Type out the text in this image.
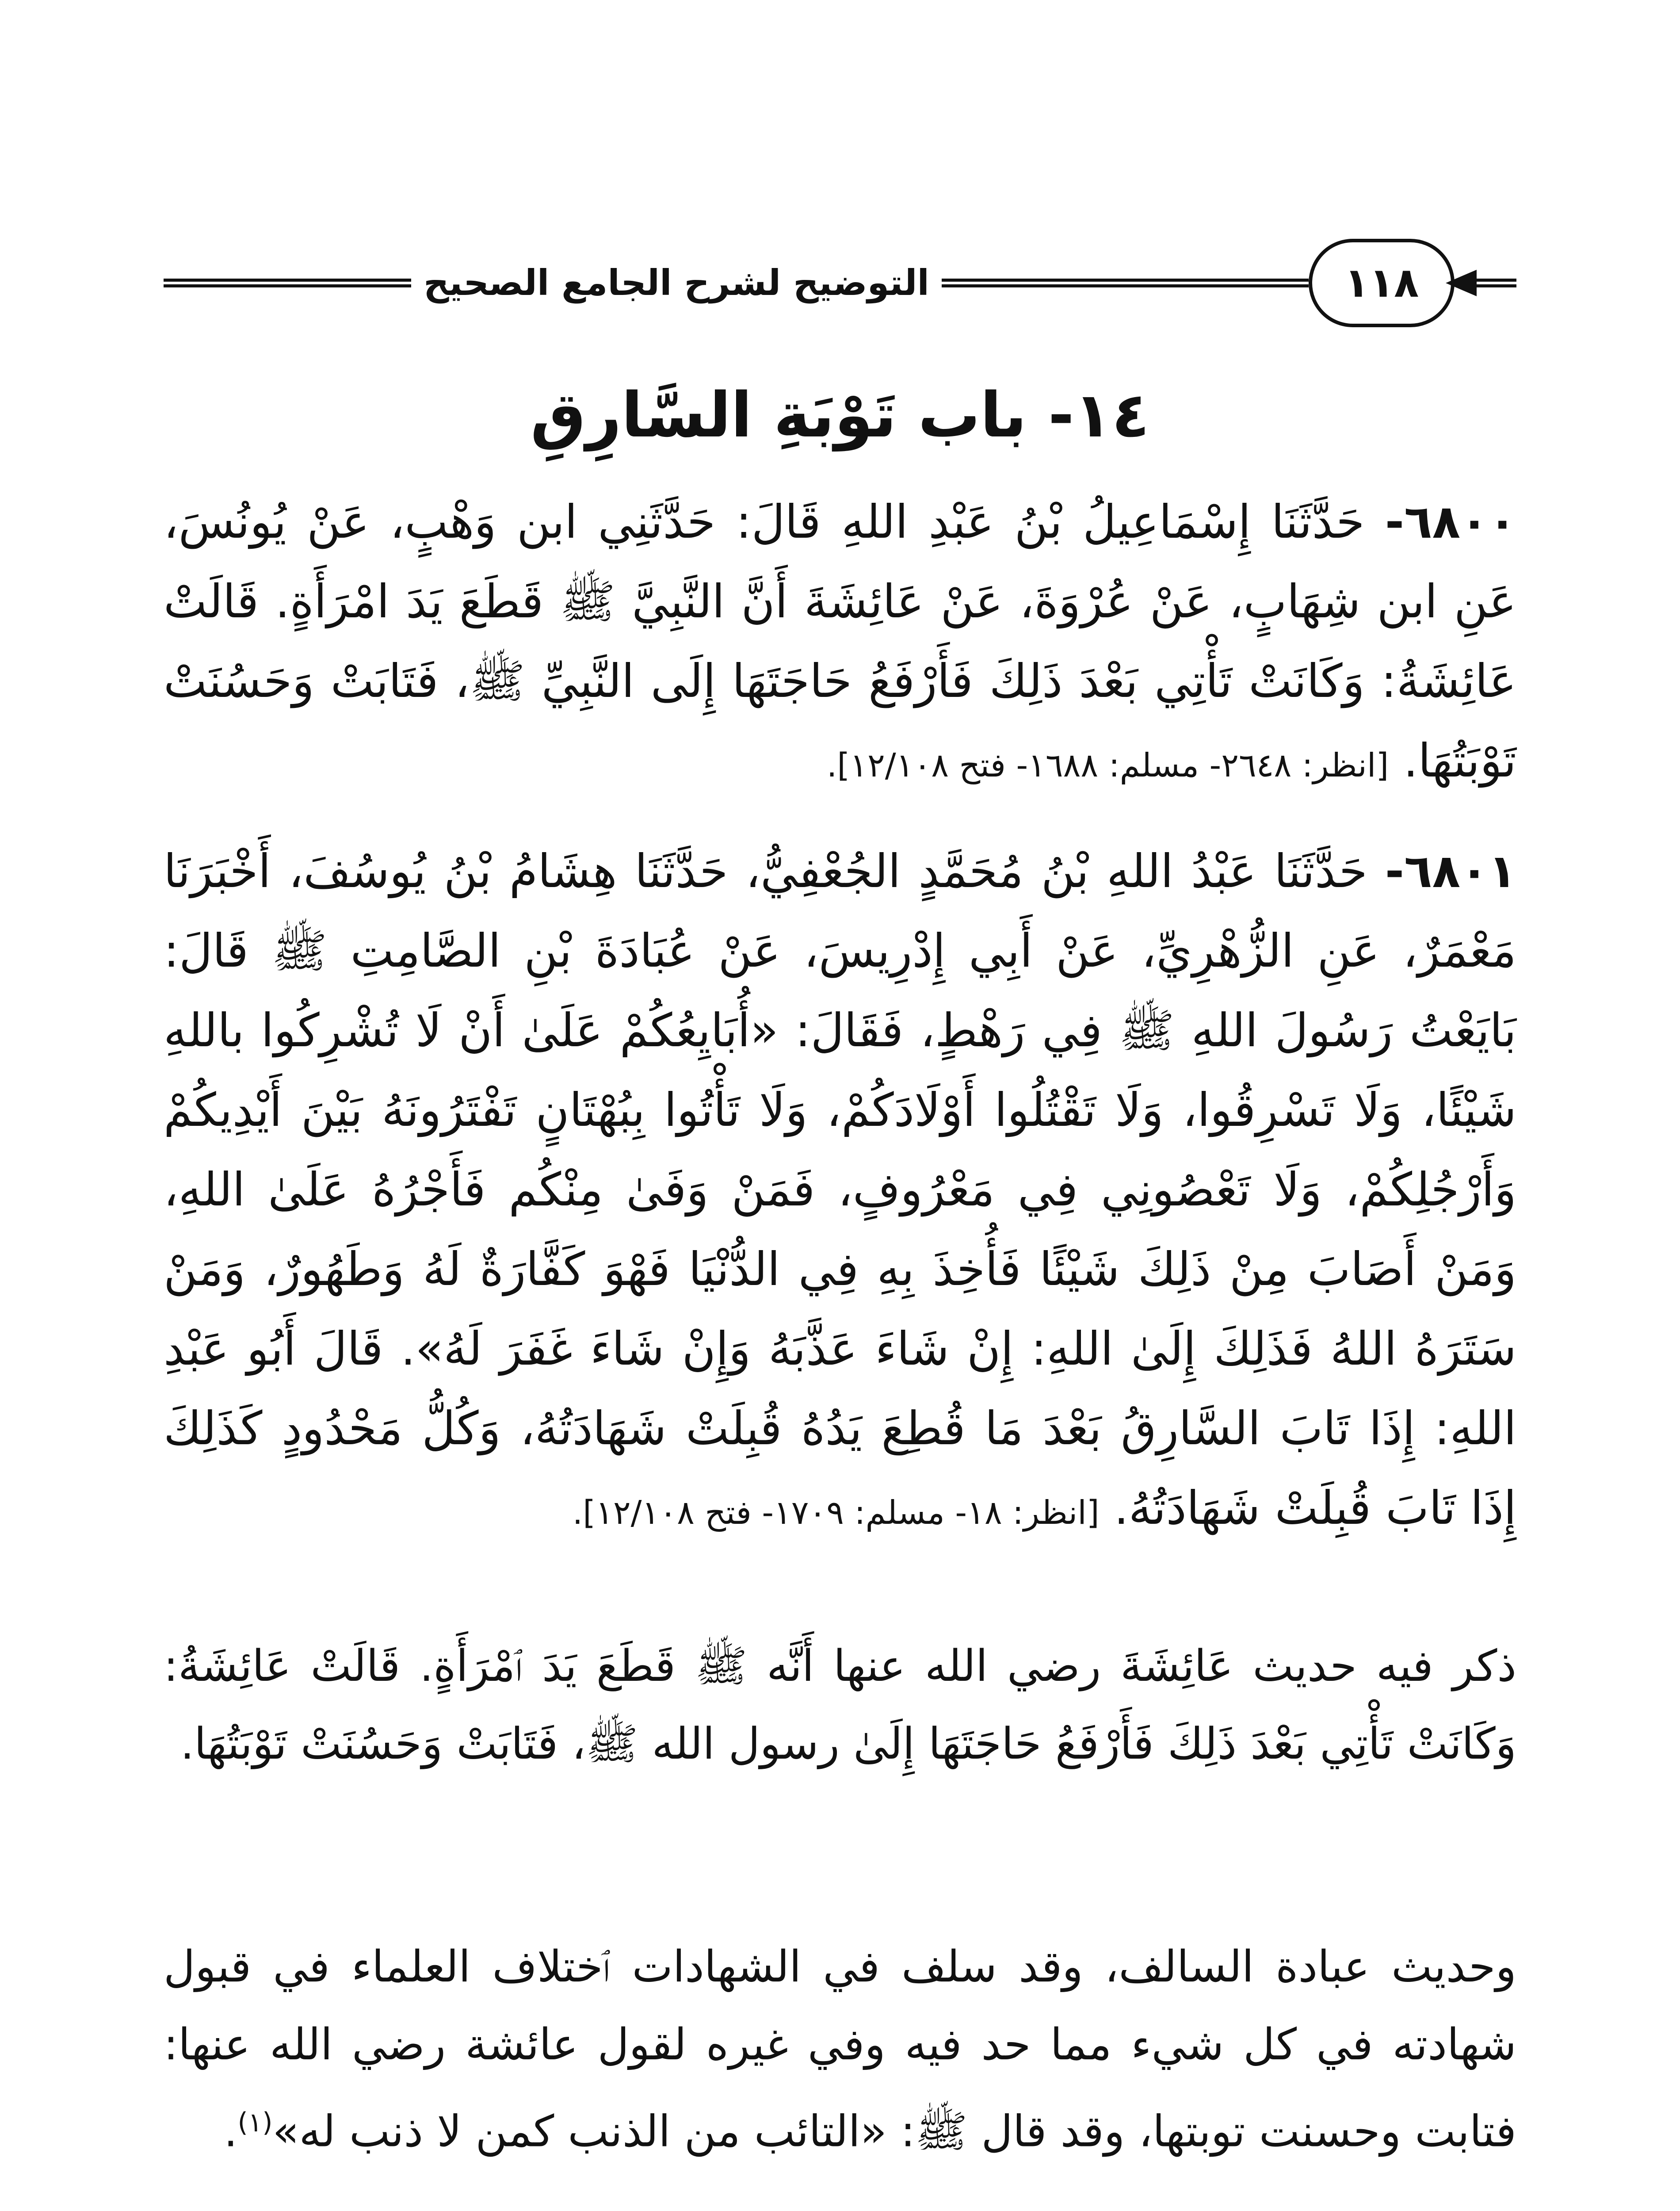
التوضيح لشرح الجامع الصحيح	١١٨
١٤- باب تَوْبَةِ السَّارِقِ
٦٨٠٠- حَدَّثَنَا إِسْمَاعِيلُ بْنُ عَبْدِ اللهِ قَالَ: حَدَّثَنِي ابن وَهْبٍ، عَنْ يُونُسَ، عَنِ ابن شِهَابٍ، عَنْ عُرْوَةَ، عَنْ عَائِشَةَ أَنَّ النَّبِيَّ ﷺ قَطَعَ يَدَ امْرَأَةٍ. قَالَتْ عَائِشَةُ: وَكَانَتْ تَأْتِي بَعْدَ ذَلِكَ فَأَرْفَعُ حَاجَتَهَا إِلَى النَّبِيِّ ﷺ، فَتَابَتْ وَحَسُنَتْ تَوْبَتُهَا. [انظر: ٢٦٤٨- مسلم: ١٦٨٨- فتح ١٢/١٠٨].
٦٨٠١- حَدَّثَنَا عَبْدُ اللهِ بْنُ مُحَمَّدٍ الجُعْفِيُّ، حَدَّثَنَا هِشَامُ بْنُ يُوسُفَ، أَخْبَرَنَا مَعْمَرٌ، عَنِ الزُّهْرِيِّ، عَنْ أَبِي إِدْرِيسَ، عَنْ عُبَادَةَ بْنِ الصَّامِتِ ﷺ قَالَ: بَايَعْتُ رَسُولَ اللهِ ﷺ فِي رَهْطٍ، فَقَالَ: «أُبَايِعُكُمْ عَلَىٰ أَنْ لَا تُشْرِكُوا باللهِ شَيْئًا، وَلَا تَسْرِقُوا، وَلَا تَقْتُلُوا أَوْلَادَكُمْ، وَلَا تَأْتُوا بِبُهْتَانٍ تَفْتَرُونَهُ بَيْنَ أَيْدِيكُمْ وَأَرْجُلِكُمْ، وَلَا تَعْصُونِي فِي مَعْرُوفٍ، فَمَنْ وَفَىٰ مِنْكُم فَأَجْرُهُ عَلَىٰ اللهِ، وَمَنْ أَصَابَ مِنْ ذَلِكَ شَيْئًا فَأُخِذَ بِهِ فِي الدُّنْيَا فَهْوَ كَفَّارَةٌ لَهُ وَطَهُورٌ، وَمَنْ سَتَرَهُ اللهُ فَذَلِكَ إِلَىٰ اللهِ: إِنْ شَاءَ عَذَّبَهُ وَإِنْ شَاءَ غَفَرَ لَهُ». قَالَ أَبُو عَبْدِ اللهِ: إِذَا تَابَ السَّارِقُ بَعْدَ مَا قُطِعَ يَدُهُ قُبِلَتْ شَهَادَتُهُ، وَكُلُّ مَحْدُودٍ كَذَلِكَ إِذَا تَابَ قُبِلَتْ شَهَادَتُهُ. [انظر: ١٨- مسلم: ١٧٠٩- فتح ١٢/١٠٨].
ذكر فيه حديث عَائِشَةَ رضي الله عنها أَنَّه ﷺ قَطَعَ يَدَ ٱمْرَأَةٍ. قَالَتْ عَائِشَةُ: وَكَانَتْ تَأْتِي بَعْدَ ذَلِكَ فَأَرْفَعُ حَاجَتَهَا إِلَىٰ رسول الله ﷺ، فَتَابَتْ وَحَسُنَتْ تَوْبَتُهَا.
وحديث عبادة السالف، وقد سلف في الشهادات ٱختلاف العلماء في قبول شهادته في كل شيء مما حد فيه وفي غيره لقول عائشة رضي الله عنها: فتابت وحسنت توبتها، وقد قال ﷺ: «التائب من الذنب كمن لا ذنب له»$^{(١)}$.
